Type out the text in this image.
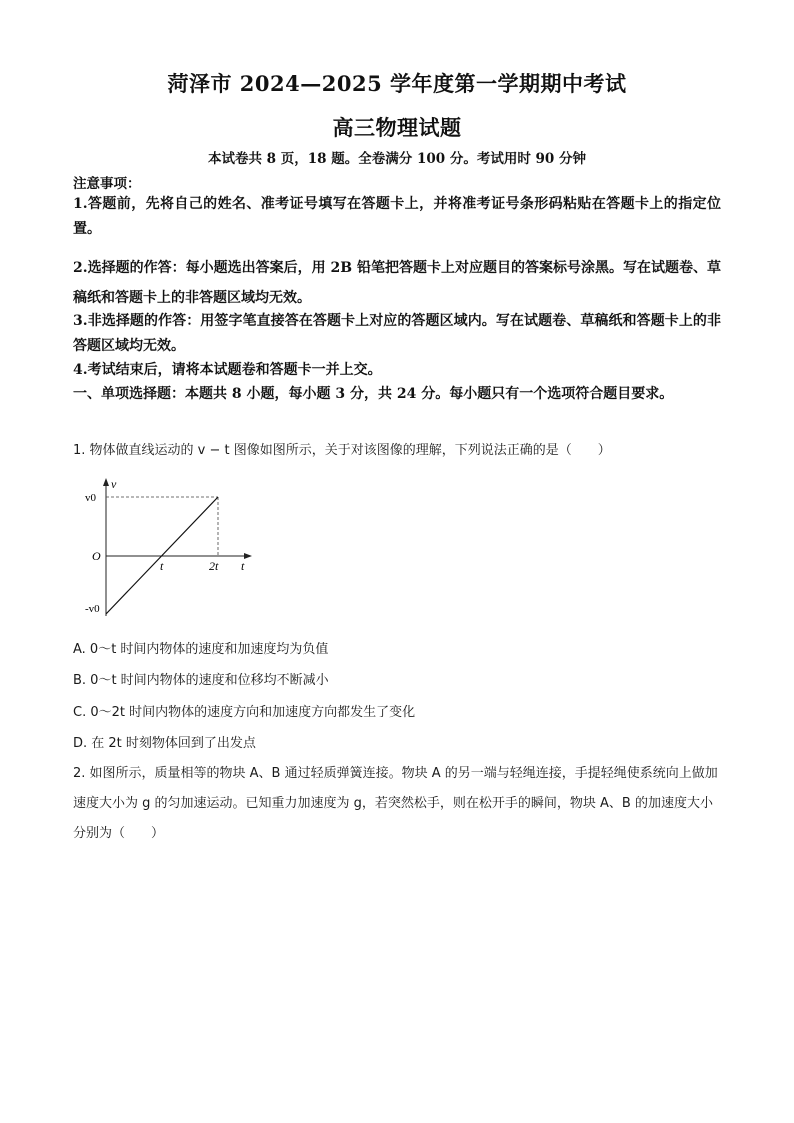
菏泽市 2024—2025 学年度第一学期期中考试
高三物理试题
本试卷共 8 页，18 题。全卷满分 100 分。考试用时 90 分钟
注意事项：
1.答题前，先将自己的姓名、准考证号填写在答题卡上，并将准考证号条形码粘贴在答题卡上的指定位置。
2.选择题的作答：每小题选出答案后，用 2B 铅笔把答题卡上对应题目的答案标号涂黑。写在试题卷、草稿纸和答题卡上的非答题区域均无效。
3.非选择题的作答：用签字笔直接答在答题卡上对应的答题区域内。写在试题卷、草稿纸和答题卡上的非答题区域均无效。
4.考试结束后，请将本试题卷和答题卡一并上交。
一、单项选择题：本题共 8 小题，每小题 3 分，共 24 分。每小题只有一个选项符合题目要求。
1. 物体做直线运动的 v − t 图像如图所示，关于对该图像的理解，下列说法正确的是（　　）
v
v0
O
-v0
t	2t t
A. 0～t 时间内物体的速度和加速度均为负值
B. 0～t 时间内物体的速度和位移均不断减小
C. 0～2t 时间内物体的速度方向和加速度方向都发生了变化
D. 在 2t 时刻物体回到了出发点
2. 如图所示，质量相等的物块 A、B 通过轻质弹簧连接。物块 A 的另一端与轻绳连接，手提轻绳使系统向上做加速度大小为 g 的匀加速运动。已知重力加速度为 g，若突然松手，则在松开手的瞬间，物块 A、B 的加速度大小分别为（　　）
